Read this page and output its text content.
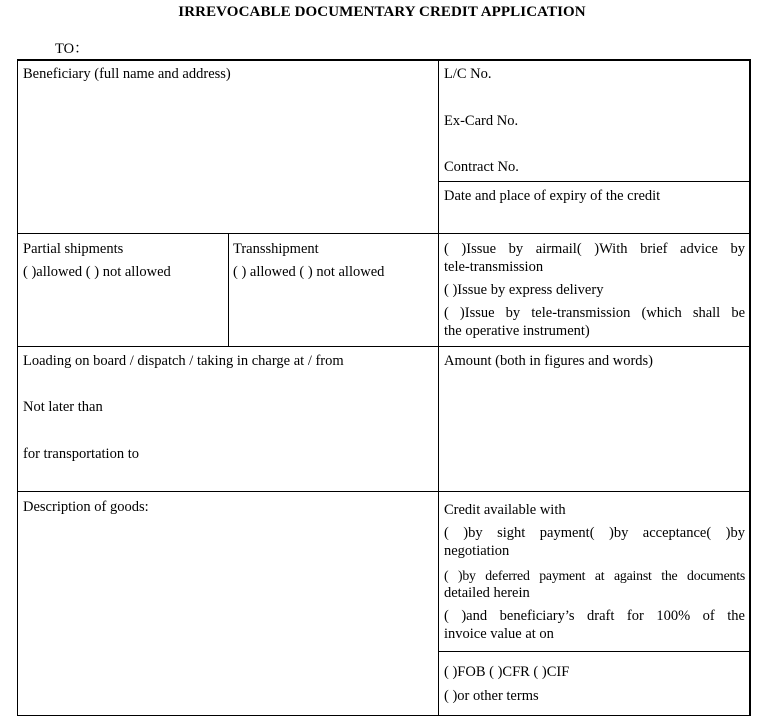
IRREVOCABLE DOCUMENTARY CREDIT APPLICATION
TO：
Beneficiary (full name and address)	L/C No.
Ex-Card No.
Contract No.
Date and place of expiry of the credit
Partial shipments
( )allowed ( ) not allowed
Transshipment
( ) allowed ( ) not allowed
( )Issue by airmail( )With brief advice by
tele-transmission
( )Issue by express delivery
( )Issue by tele-transmission (which shall be
the operative instrument)
Loading on board / dispatch / taking in charge at / from
Not later than
for transportation to
Amount (both in figures and words)
Description of goods:	Credit available with
( )by sight payment( )by acceptance( )by
negotiation
( )by deferred payment at against the documents
detailed herein
( )and beneficiary’s draft for 100% of the
invoice value at on
( )FOB ( )CFR ( )CIF
( )or other terms
